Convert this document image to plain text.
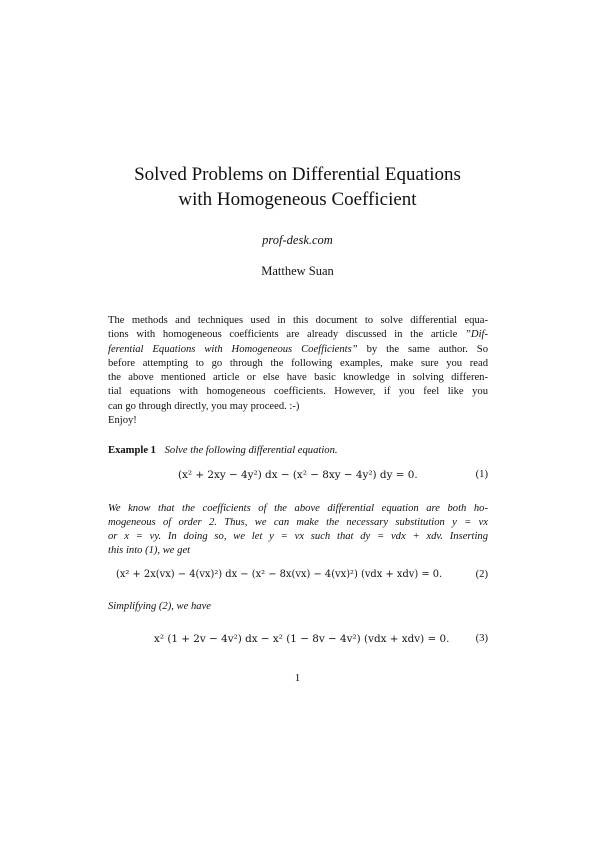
Solved Problems on Differential Equations
with Homogeneous Coefficient
prof-desk.com
Matthew Suan
The methods and techniques used in this document to solve differential equa-
tions with homogeneous coefficients are already discussed in the article ”Dif-
ferential Equations with Homogeneous Coefficients” by the same author. So
before attempting to go through the following examples, make sure you read
the above mentioned article or else have basic knowledge in solving differen-
tial equations with homogeneous coefficients. However, if you feel like you
can go through directly, you may proceed. :-)
Enjoy!
Example 1 Solve the following differential equation.
(x² + 2xy − 4y²) dx − (x² − 8xy − 4y²) dy = 0.	(1)
We know that the coefficients of the above differential equation are both ho-
mogeneous of order 2. Thus, we can make the necessary substitution y = vx
or x = vy. In doing so, we let y = vx such that dy = vdx + xdv. Inserting
this into (1), we get
(x² + 2x(vx) − 4(vx)²) dx − (x² − 8x(vx) − 4(vx)²) (vdx + xdv) = 0.	(2)
Simplifying (2), we have
x² (1 + 2v − 4v²) dx − x² (1 − 8v − 4v²) (vdx + xdv) = 0. (3)
1
